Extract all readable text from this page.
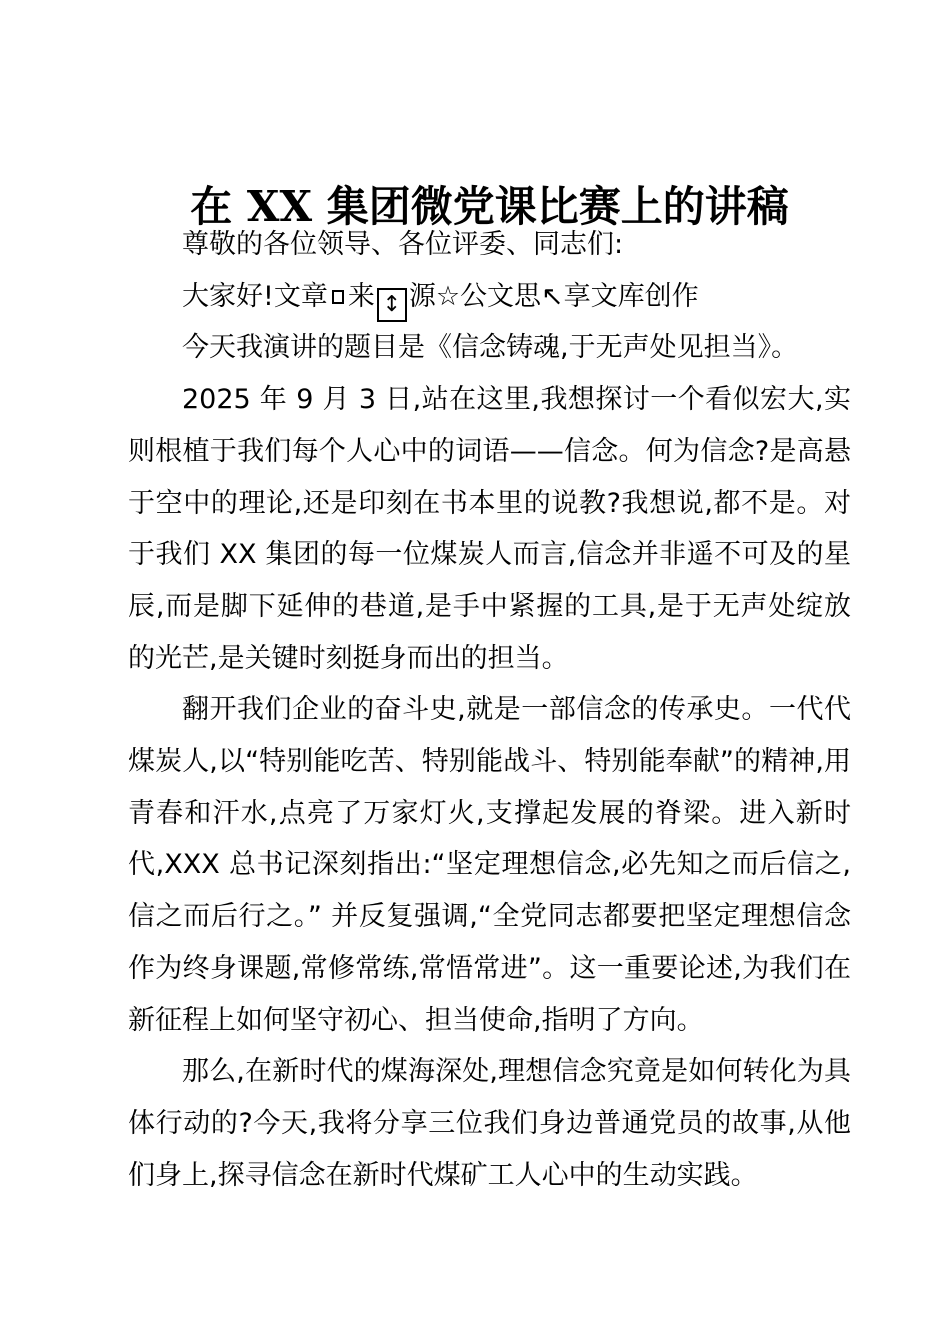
在 XX 集团微党课比赛上的讲稿

尊敬的各位领导、各位评委、同志们:

大家好!文章 来 ↕ 源☆公文思↖享文库创作

今天我演讲的题目是《信念铸魂,于无声处见担当》。

2025 年 9 月 3 日,站在这里,我想探讨一个看似宏大,实则根植于我们每个人心中的词语——信念。何为信念?是高悬于空中的理论,还是印刻在书本里的说教?我想说,都不是。对于我们 XX 集团的每一位煤炭人而言,信念并非遥不可及的星辰,而是脚下延伸的巷道,是手中紧握的工具,是于无声处绽放的光芒,是关键时刻挺身而出的担当。

翻开我们企业的奋斗史,就是一部信念的传承史。一代代煤炭人,以“特别能吃苦、特别能战斗、特别能奉献”的精神,用青春和汗水,点亮了万家灯火,支撑起发展的脊梁。进入新时代,XXX 总书记深刻指出:“坚定理想信念,必先知之而后信之,信之而后行之。” 并反复强调,“全党同志都要把坚定理想信念作为终身课题,常修常练,常悟常进”。这一重要论述,为我们在新征程上如何坚守初心、担当使命,指明了方向。

那么,在新时代的煤海深处,理想信念究竟是如何转化为具体行动的?今天,我将分享三位我们身边普通党员的故事,从他们身上,探寻信念在新时代煤矿工人心中的生动实践。
